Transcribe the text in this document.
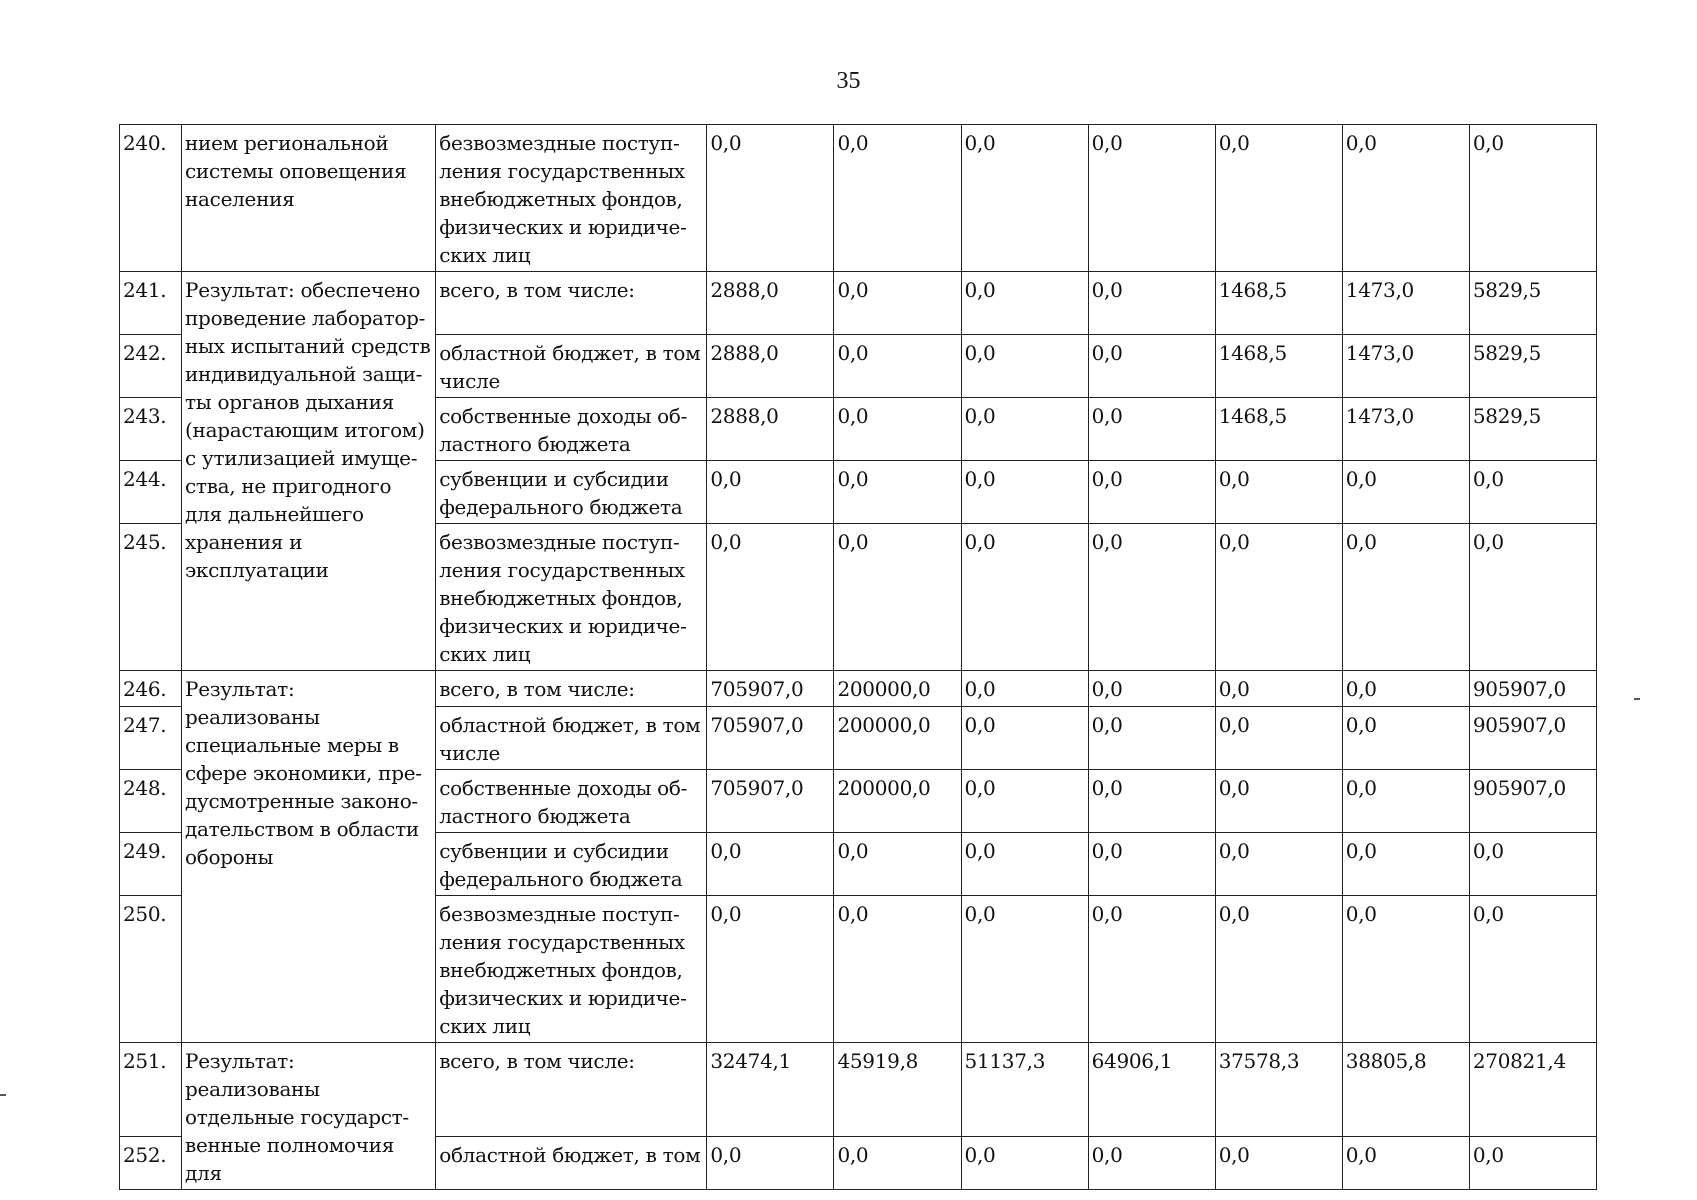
35
240.	нием региональной системы оповещения населения	безвозмездные поступ-ления государственных внебюджетных фондов, физических и юридиче-ских лиц	0,0	0,0	0,0	0,0	0,0	0,0	0,0
241.	Результат: обеспечено проведение лаборатор-ных испытаний средств индивидуальной защи-ты органов дыхания (нарастающим итогом) с утилизацией имуще-ства, не пригодного для дальнейшего хранения и эксплуатации	всего, в том числе:	2888,0	0,0	0,0	0,0	1468,5	1473,0	5829,5
242.		областной бюджет, в том числе	2888,0	0,0	0,0	0,0	1468,5	1473,0	5829,5
243.		собственные доходы об-ластного бюджета	2888,0	0,0	0,0	0,0	1468,5	1473,0	5829,5
244.		субвенции и субсидии федерального бюджета	0,0	0,0	0,0	0,0	0,0	0,0	0,0
245.		безвозмездные поступ-ления государственных внебюджетных фондов, физических и юридиче-ских лиц	0,0	0,0	0,0	0,0	0,0	0,0	0,0
246.	Результат: реализованы специальные меры в сфере экономики, пре-дусмотренные законо-дательством в области обороны	всего, в том числе:	705907,0	200000,0	0,0	0,0	0,0	0,0	905907,0
247.		областной бюджет, в том числе	705907,0	200000,0	0,0	0,0	0,0	0,0	905907,0
248.		собственные доходы об-ластного бюджета	705907,0	200000,0	0,0	0,0	0,0	0,0	905907,0
249.		субвенции и субсидии федерального бюджета	0,0	0,0	0,0	0,0	0,0	0,0	0,0
250.		безвозмездные поступ-ления государственных внебюджетных фондов, физических и юридиче-ских лиц	0,0	0,0	0,0	0,0	0,0	0,0	0,0
251.	Результат: реализованы отдельные государст-венные полномочия для	всего, в том числе:	32474,1	45919,8	51137,3	64906,1	37578,3	38805,8	270821,4
252.		областной бюджет, в том	0,0	0,0	0,0	0,0	0,0	0,0	0,0
